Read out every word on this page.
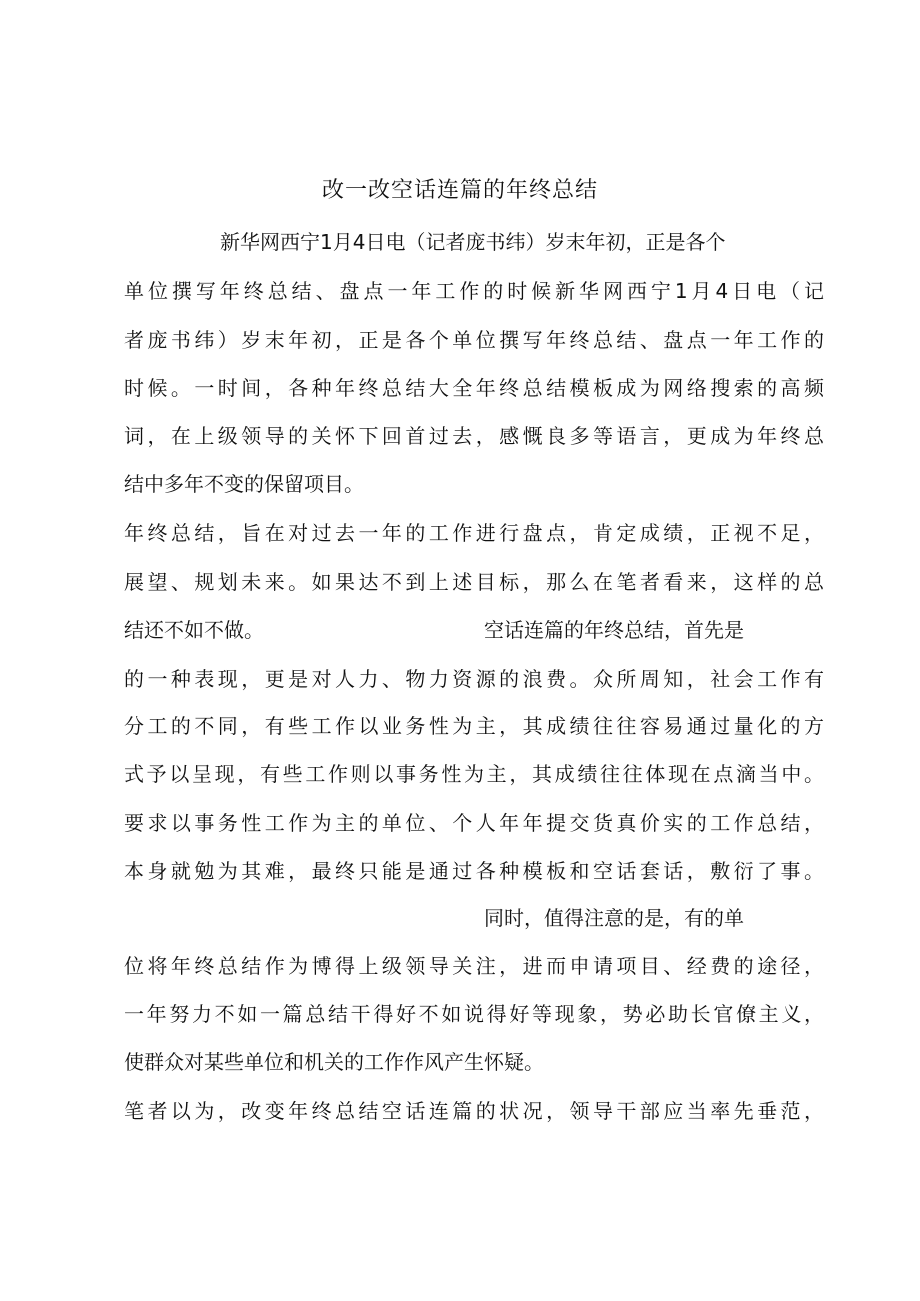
改一改空话连篇的年终总结
新华网西宁1月4日电（记者庞书纬）岁末年初，正是各个
单位撰写年终总结、盘点一年工作的时候新华网西宁1月4日电（记
者庞书纬）岁末年初，正是各个单位撰写年终总结、盘点一年工作的
时候。一时间，各种年终总结大全年终总结模板成为网络搜索的高频
词，在上级领导的关怀下回首过去，感慨良多等语言，更成为年终总
结中多年不变的保留项目。
年终总结，旨在对过去一年的工作进行盘点，肯定成绩，正视不足，
展望、规划未来。如果达不到上述目标，那么在笔者看来，这样的总
结还不如不做。	空话连篇的年终总结，首先是
的一种表现，更是对人力、物力资源的浪费。众所周知，社会工作有
分工的不同，有些工作以业务性为主，其成绩往往容易通过量化的方
式予以呈现，有些工作则以事务性为主，其成绩往往体现在点滴当中。
要求以事务性工作为主的单位、个人年年提交货真价实的工作总结，
本身就勉为其难，最终只能是通过各种模板和空话套话，敷衍了事。
同时，值得注意的是，有的单
位将年终总结作为博得上级领导关注，进而申请项目、经费的途径，
一年努力不如一篇总结干得好不如说得好等现象，势必助长官僚主义，
使群众对某些单位和机关的工作作风产生怀疑。
笔者以为，改变年终总结空话连篇的状况，领导干部应当率先垂范，
